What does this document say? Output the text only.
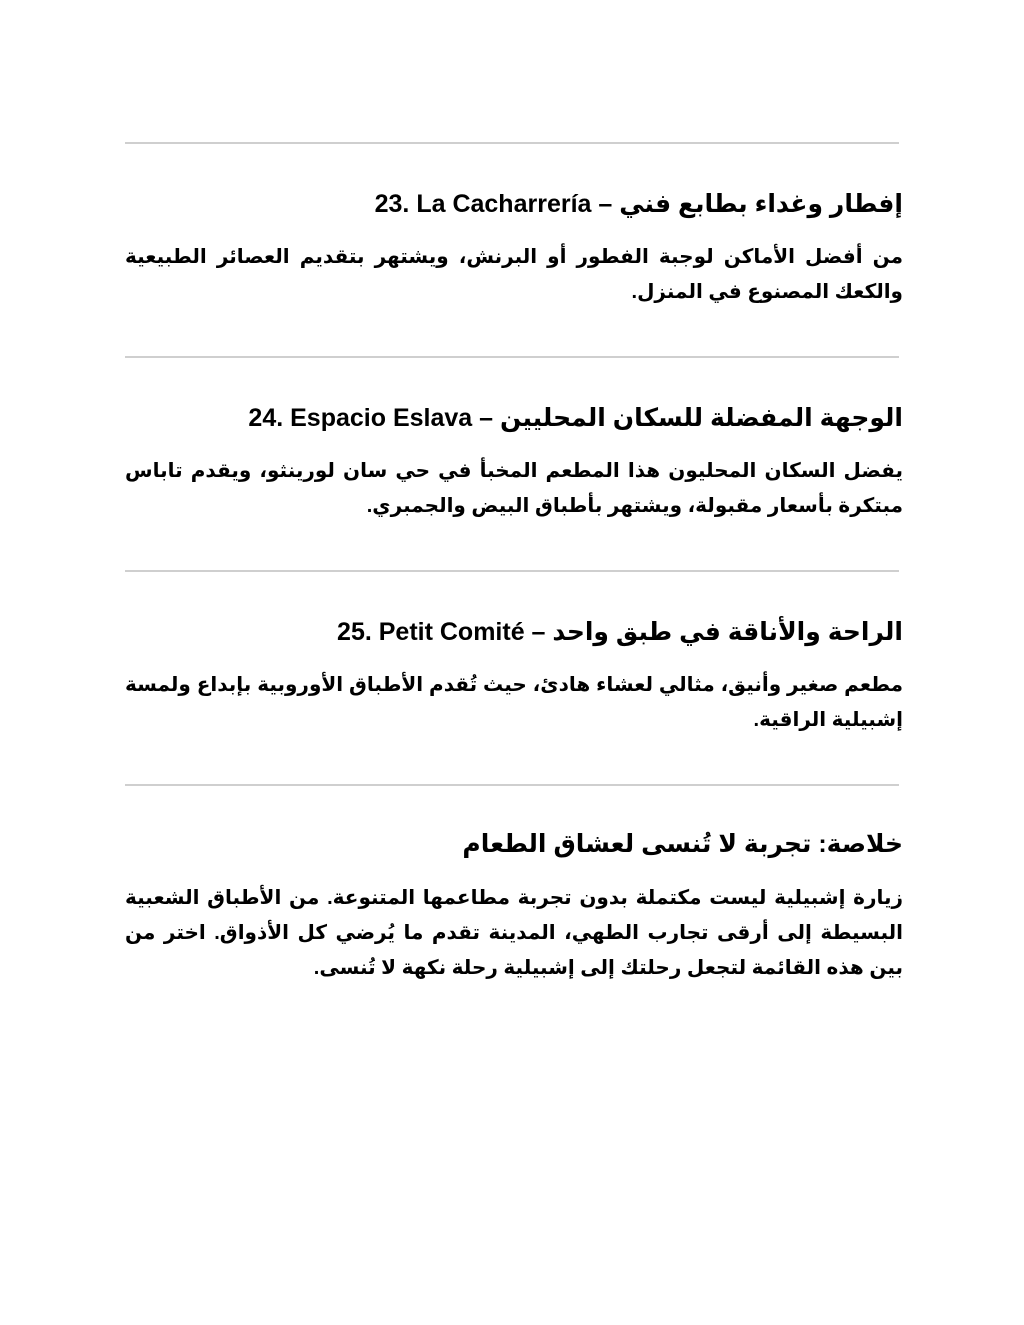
23. La Cacharrería – إفطار وغداء بطابع فني
من أفضل الأماكن لوجبة الفطور أو البرنش، ويشتهر بتقديم العصائر الطبيعية والكعك المصنوع في المنزل.
24. Espacio Eslava – الوجهة المفضلة للسكان المحليين
يفضل السكان المحليون هذا المطعم المخبأ في حي سان لورينثو، ويقدم تاباس مبتكرة بأسعار مقبولة، ويشتهر بأطباق البيض والجمبري.
25. Petit Comité – الراحة والأناقة في طبق واحد
مطعم صغير وأنيق، مثالي لعشاء هادئ، حيث تُقدم الأطباق الأوروبية بإبداع ولمسة إشبيلية الراقية.
خلاصة: تجربة لا تُنسى لعشاق الطعام
زيارة إشبيلية ليست مكتملة بدون تجربة مطاعمها المتنوعة. من الأطباق الشعبية البسيطة إلى أرقى تجارب الطهي، المدينة تقدم ما يُرضي كل الأذواق. اختر من بين هذه القائمة لتجعل رحلتك إلى إشبيلية رحلة نكهة لا تُنسى.
